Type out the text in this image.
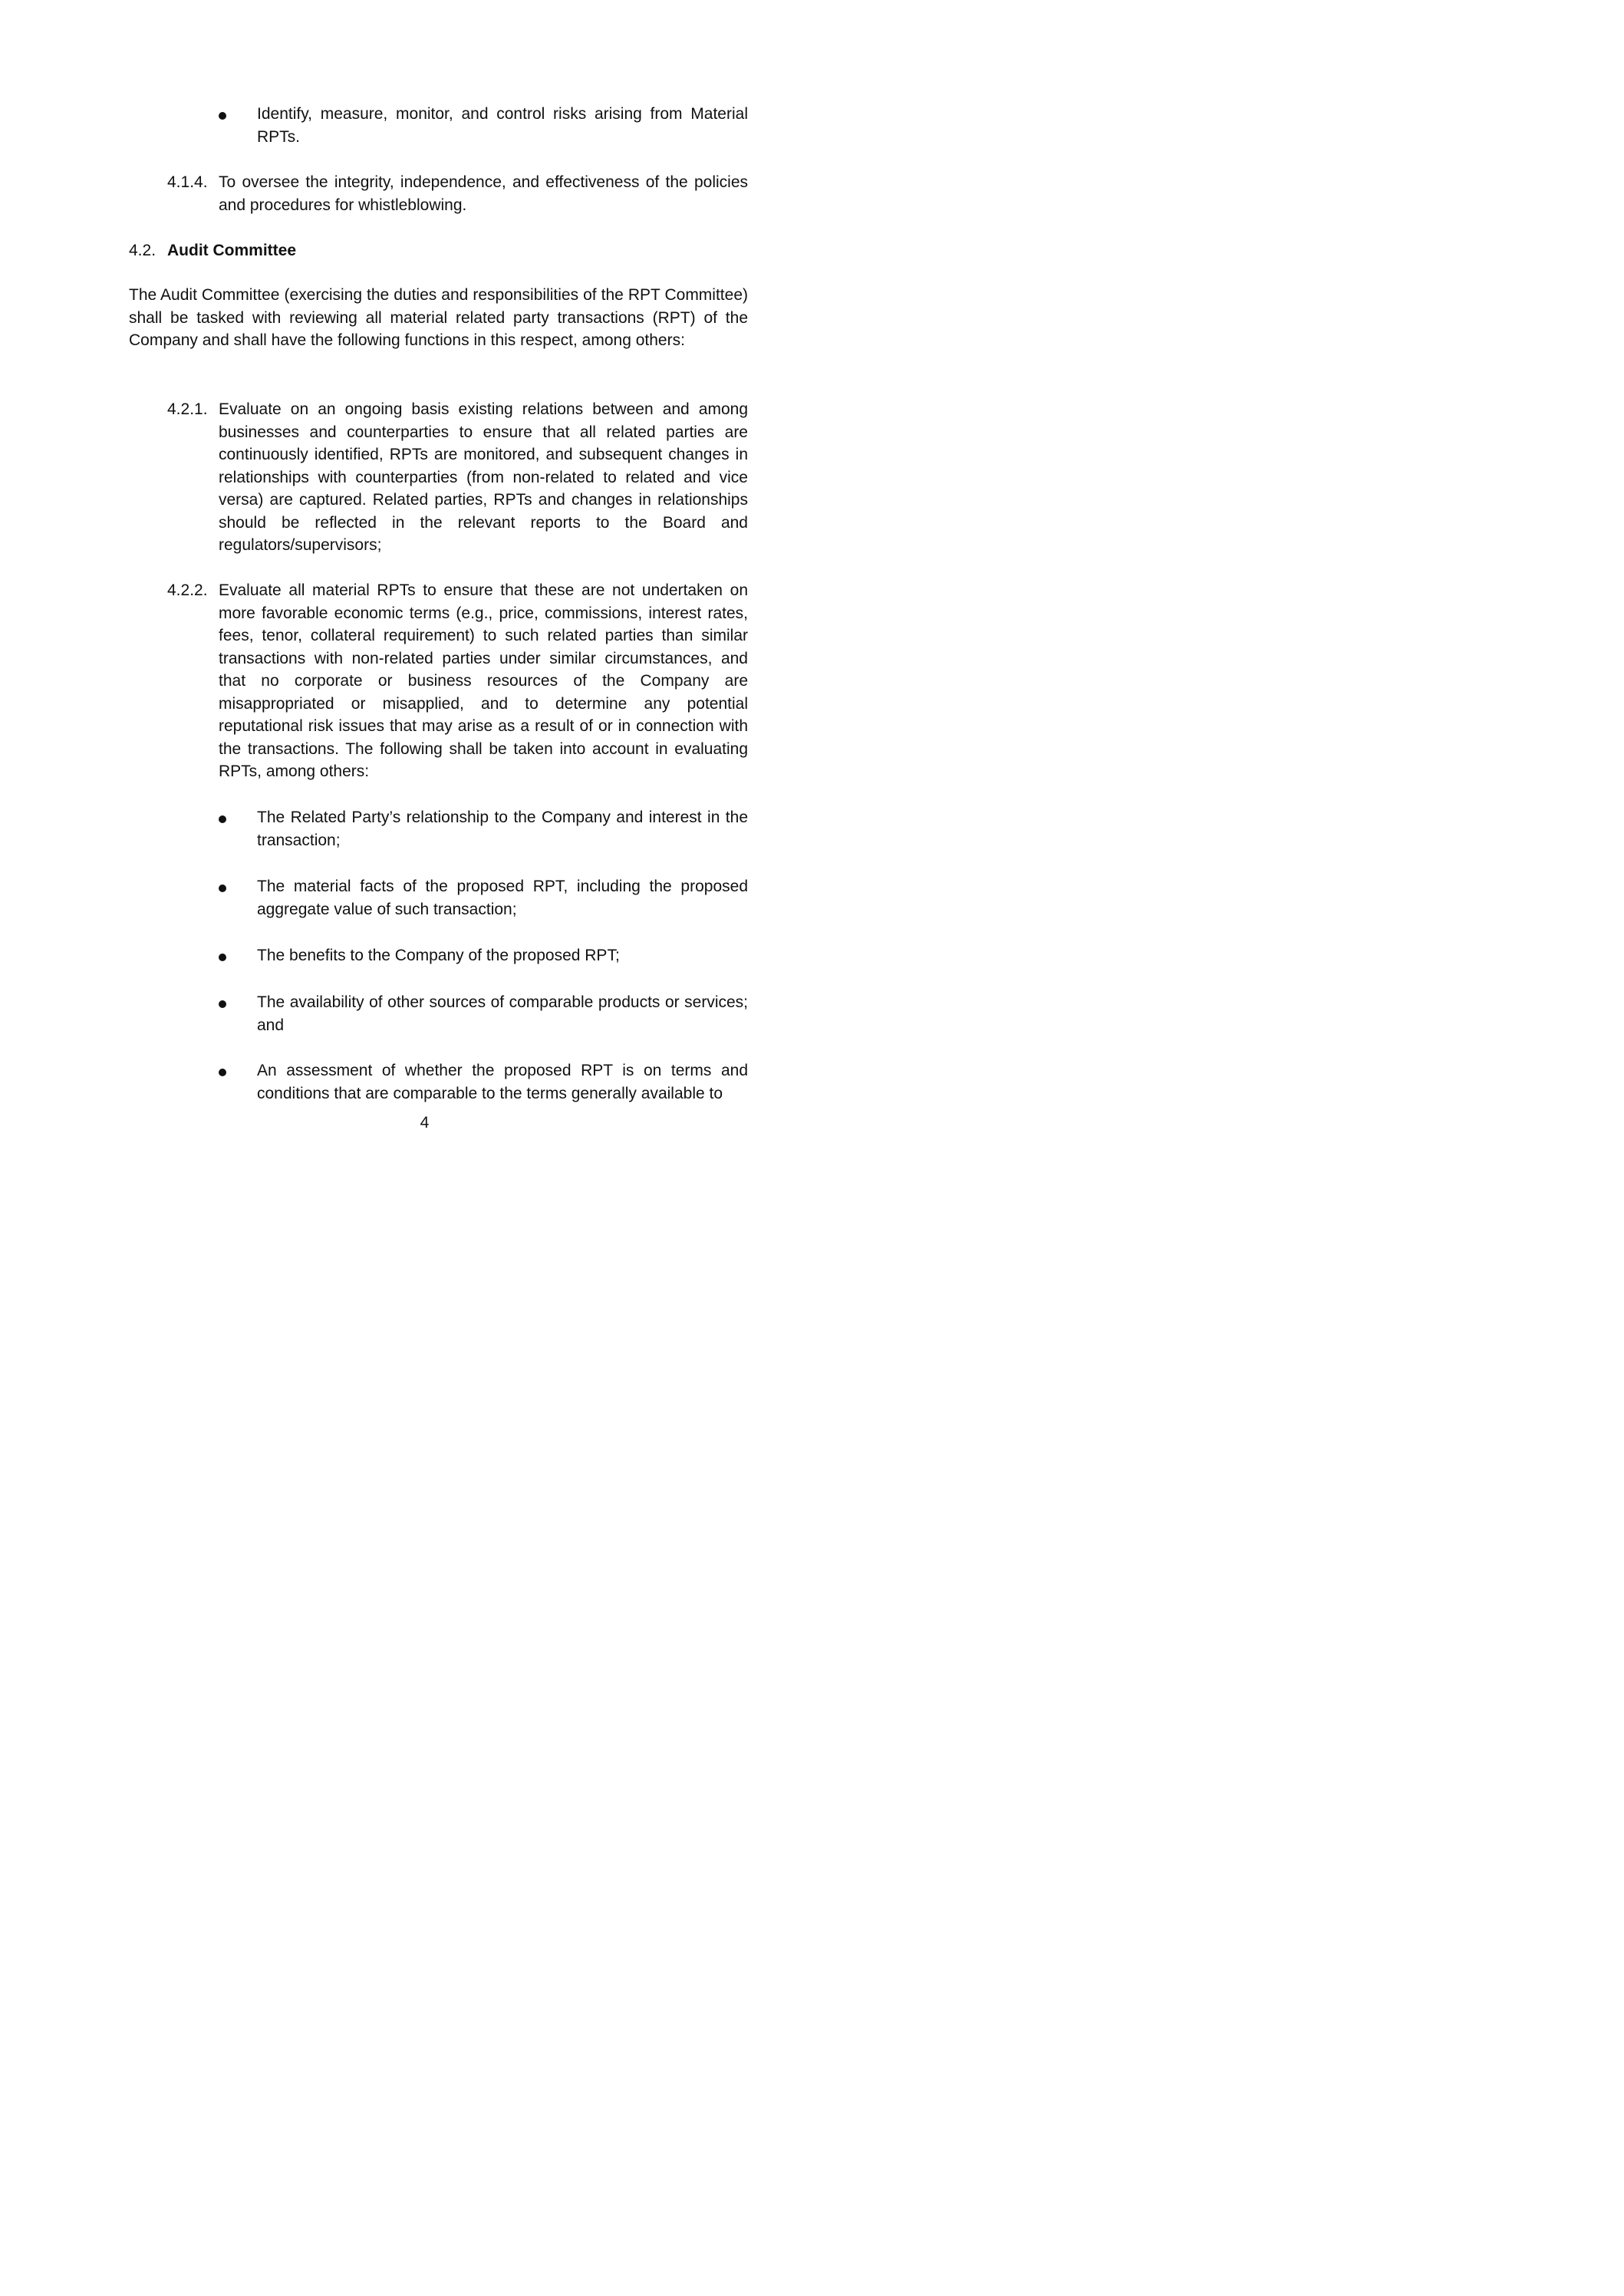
Identify, measure, monitor, and control risks arising from Material RPTs.

4.1.4. To oversee the integrity, independence, and effectiveness of the policies and procedures for whistleblowing.

4.2. Audit Committee

The Audit Committee (exercising the duties and responsibilities of the RPT Committee) shall be tasked with reviewing all material related party transactions (RPT) of the Company and shall have the following functions in this respect, among others:

4.2.1. Evaluate on an ongoing basis existing relations between and among businesses and counterparties to ensure that all related parties are continuously identified, RPTs are monitored, and subsequent changes in relationships with counterparties (from non-related to related and vice versa) are captured. Related parties, RPTs and changes in relationships should be reflected in the relevant reports to the Board and regulators/supervisors;

4.2.2. Evaluate all material RPTs to ensure that these are not undertaken on more favorable economic terms (e.g., price, commissions, interest rates, fees, tenor, collateral requirement) to such related parties than similar transactions with non-related parties under similar circumstances, and that no corporate or business resources of the Company are misappropriated or misapplied, and to determine any potential reputational risk issues that may arise as a result of or in connection with the transactions. The following shall be taken into account in evaluating RPTs, among others:

The Related Party’s relationship to the Company and interest in the transaction;

The material facts of the proposed RPT, including the proposed aggregate value of such transaction;

The benefits to the Company of the proposed RPT;

The availability of other sources of comparable products or services; and

An assessment of whether the proposed RPT is on terms and conditions that are comparable to the terms generally available to

4
